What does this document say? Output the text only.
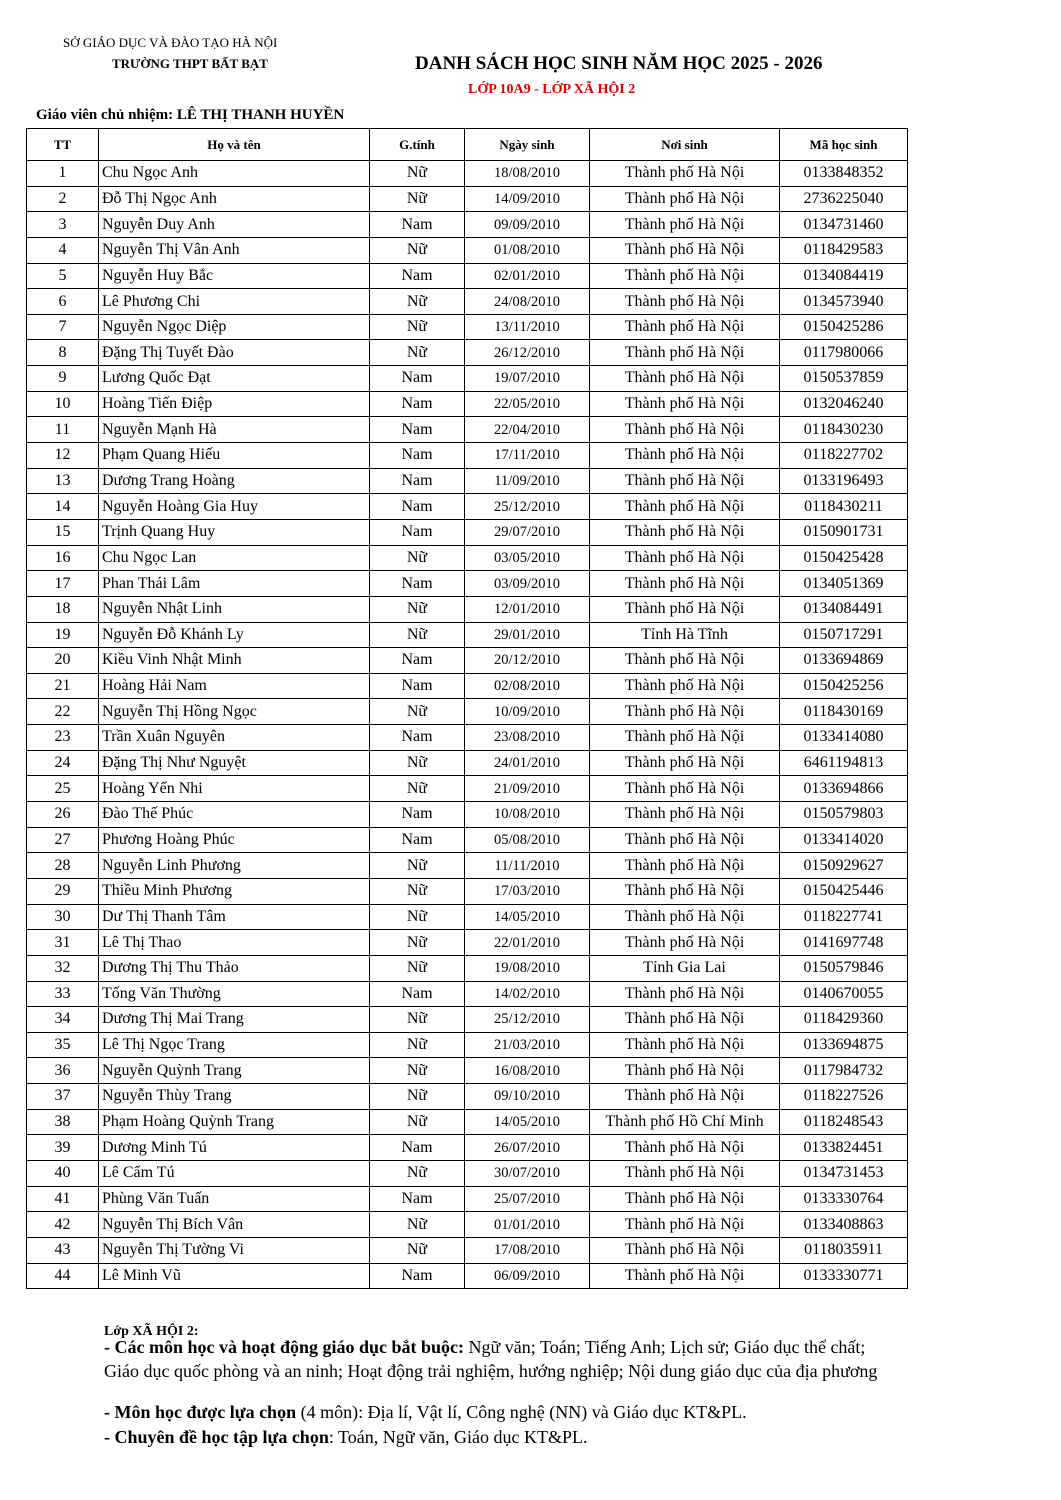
SỞ GIÁO DỤC VÀ ĐÀO TẠO HÀ NỘI
TRƯỜNG THPT BẤT BẠT	DANH SÁCH HỌC SINH NĂM HỌC 2025 - 2026
LỚP 10A9 - LỚP XÃ HỘI 2
Giáo viên chủ nhiệm: LÊ THỊ THANH HUYỀN
TT	Họ và tên	G.tính	Ngày sinh	Nơi sinh	Mã học sinh
1	Chu Ngọc Anh	Nữ	18/08/2010	Thành phố Hà Nội	0133848352
2	Đỗ Thị Ngọc Anh	Nữ	14/09/2010	Thành phố Hà Nội	2736225040
3	Nguyễn Duy Anh	Nam	09/09/2010	Thành phố Hà Nội	0134731460
4	Nguyễn Thị Vân Anh	Nữ	01/08/2010	Thành phố Hà Nội	0118429583
5	Nguyễn Huy Bắc	Nam	02/01/2010	Thành phố Hà Nội	0134084419
6	Lê Phương Chi	Nữ	24/08/2010	Thành phố Hà Nội	0134573940
7	Nguyễn Ngọc Diệp	Nữ	13/11/2010	Thành phố Hà Nội	0150425286
8	Đặng Thị Tuyết Đào	Nữ	26/12/2010	Thành phố Hà Nội	0117980066
9	Lương Quốc Đạt	Nam	19/07/2010	Thành phố Hà Nội	0150537859
10	Hoàng Tiến Điệp	Nam	22/05/2010	Thành phố Hà Nội	0132046240
11	Nguyễn Mạnh Hà	Nam	22/04/2010	Thành phố Hà Nội	0118430230
12	Phạm Quang Hiếu	Nam	17/11/2010	Thành phố Hà Nội	0118227702
13	Dương Trang Hoàng	Nam	11/09/2010	Thành phố Hà Nội	0133196493
14	Nguyễn Hoàng Gia Huy	Nam	25/12/2010	Thành phố Hà Nội	0118430211
15	Trịnh Quang Huy	Nam	29/07/2010	Thành phố Hà Nội	0150901731
16	Chu Ngọc Lan	Nữ	03/05/2010	Thành phố Hà Nội	0150425428
17	Phan Thái Lâm	Nam	03/09/2010	Thành phố Hà Nội	0134051369
18	Nguyễn Nhật Linh	Nữ	12/01/2010	Thành phố Hà Nội	0134084491
19	Nguyễn Đỗ Khánh Ly	Nữ	29/01/2010	Tỉnh Hà Tĩnh	0150717291
20	Kiều Vinh Nhật Minh	Nam	20/12/2010	Thành phố Hà Nội	0133694869
21	Hoàng Hải Nam	Nam	02/08/2010	Thành phố Hà Nội	0150425256
22	Nguyễn Thị Hồng Ngọc	Nữ	10/09/2010	Thành phố Hà Nội	0118430169
23	Trần Xuân Nguyên	Nam	23/08/2010	Thành phố Hà Nội	0133414080
24	Đặng Thị Như Nguyệt	Nữ	24/01/2010	Thành phố Hà Nội	6461194813
25	Hoàng Yến Nhi	Nữ	21/09/2010	Thành phố Hà Nội	0133694866
26	Đào Thế Phúc	Nam	10/08/2010	Thành phố Hà Nội	0150579803
27	Phương Hoàng Phúc	Nam	05/08/2010	Thành phố Hà Nội	0133414020
28	Nguyễn Linh Phương	Nữ	11/11/2010	Thành phố Hà Nội	0150929627
29	Thiều Minh Phương	Nữ	17/03/2010	Thành phố Hà Nội	0150425446
30	Dư Thị Thanh Tâm	Nữ	14/05/2010	Thành phố Hà Nội	0118227741
31	Lê Thị Thao	Nữ	22/01/2010	Thành phố Hà Nội	0141697748
32	Dương Thị Thu Thảo	Nữ	19/08/2010	Tỉnh Gia Lai	0150579846
33	Tống Văn Thường	Nam	14/02/2010	Thành phố Hà Nội	0140670055
34	Dương Thị Mai Trang	Nữ	25/12/2010	Thành phố Hà Nội	0118429360
35	Lê Thị Ngọc Trang	Nữ	21/03/2010	Thành phố Hà Nội	0133694875
36	Nguyễn Quỳnh Trang	Nữ	16/08/2010	Thành phố Hà Nội	0117984732
37	Nguyễn Thùy Trang	Nữ	09/10/2010	Thành phố Hà Nội	0118227526
38	Phạm Hoàng Quỳnh Trang	Nữ	14/05/2010	Thành phố Hồ Chí Minh	0118248543
39	Dương Minh Tú	Nam	26/07/2010	Thành phố Hà Nội	0133824451
40	Lê Cẩm Tú	Nữ	30/07/2010	Thành phố Hà Nội	0134731453
41	Phùng Văn Tuấn	Nam	25/07/2010	Thành phố Hà Nội	0133330764
42	Nguyễn Thị Bích Vân	Nữ	01/01/2010	Thành phố Hà Nội	0133408863
43	Nguyễn Thị Tường Vi	Nữ	17/08/2010	Thành phố Hà Nội	0118035911
44	Lê Minh Vũ	Nam	06/09/2010	Thành phố Hà Nội	0133330771
Lớp XÃ HỘI 2:
- Các môn học và hoạt động giáo dục bắt buộc: Ngữ văn; Toán; Tiếng Anh; Lịch sử; Giáo dục thể chất; Giáo dục quốc phòng và an ninh; Hoạt động trải nghiệm, hướng nghiệp; Nội dung giáo dục của địa phương
- Môn học được lựa chọn (4 môn): Địa lí, Vật lí, Công nghệ (NN) và Giáo dục KT&PL.
- Chuyên đề học tập lựa chọn: Toán, Ngữ văn, Giáo dục KT&PL.
